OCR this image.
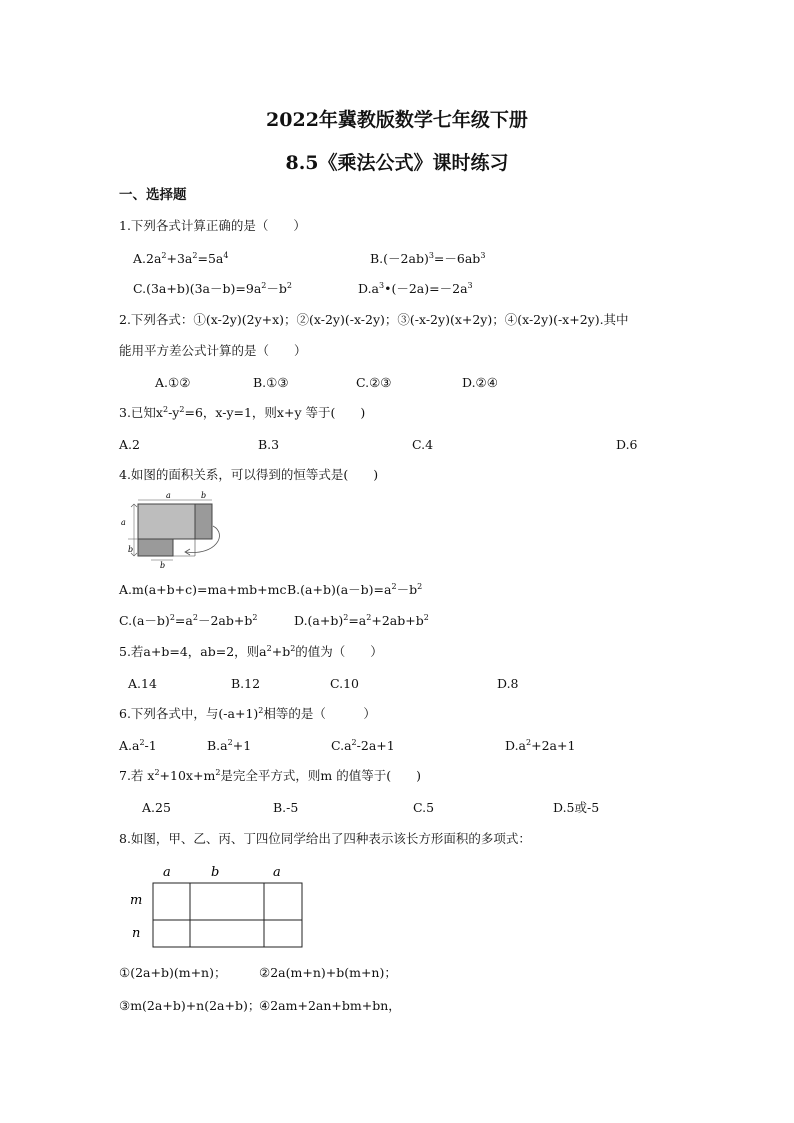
2022年冀教版数学七年级下册
8.5《乘法公式》课时练习
一、选择题
1.下列各式计算正确的是（　　）
$A.2a^2+3a^2=5a^4$	$B.(-2ab)^3=-6ab^3$
$C.(3a+b)(3a-b)=9a^2-b^2$	$D.a^3•(-2a)=-2a^3$
2.下列各式：①(x-2y)(2y+x)；②(x-2y)(-x-2y)；③(-x-2y)(x+2y)；④(x-2y)(-x+2y).其中
能用平方差公式计算的是（　　）
A.①②	B.①③	C.②③	D.②④
3.已知$x^2-y^2=6$，x-y=1，则x+y 等于(　　)
A.2	B.3	C.4	D.6
4.如图的面积关系，可以得到的恒等式是(　　)
a	b
a
b
b
A.m(a+b+c)=ma+mb+mc $B.(a+b)(a-b)=a^2-b^2$
$C.(a-b)^2=a^2-2ab+b^2$	$D.(a+b)^2=a^2+2ab+b^2$
5.若a+b=4，ab=2，则$a^2+b^2$的值为（　　）
A.14	B.12	C.10	D.8
6.下列各式中，与$(-a+1)^2$相等的是（　　　）
$A.a^2-1$	$B.a^2+1$	$C.a^2-2a+1$	$D.a^2+2a+1$
7.若 $x^2+10x+m^2$是完全平方式，则m 的值等于(　　)
A.25	B.-5	C.5	D.5或-5
8.如图，甲、乙、丙、丁四位同学给出了四种表示该长方形面积的多项式：
a	b	a
m
n
①(2a+b)(m+n)；	②2a(m+n)+b(m+n)；
③m(2a+b)+n(2a+b)；
④2am+2an+bm+bn，
